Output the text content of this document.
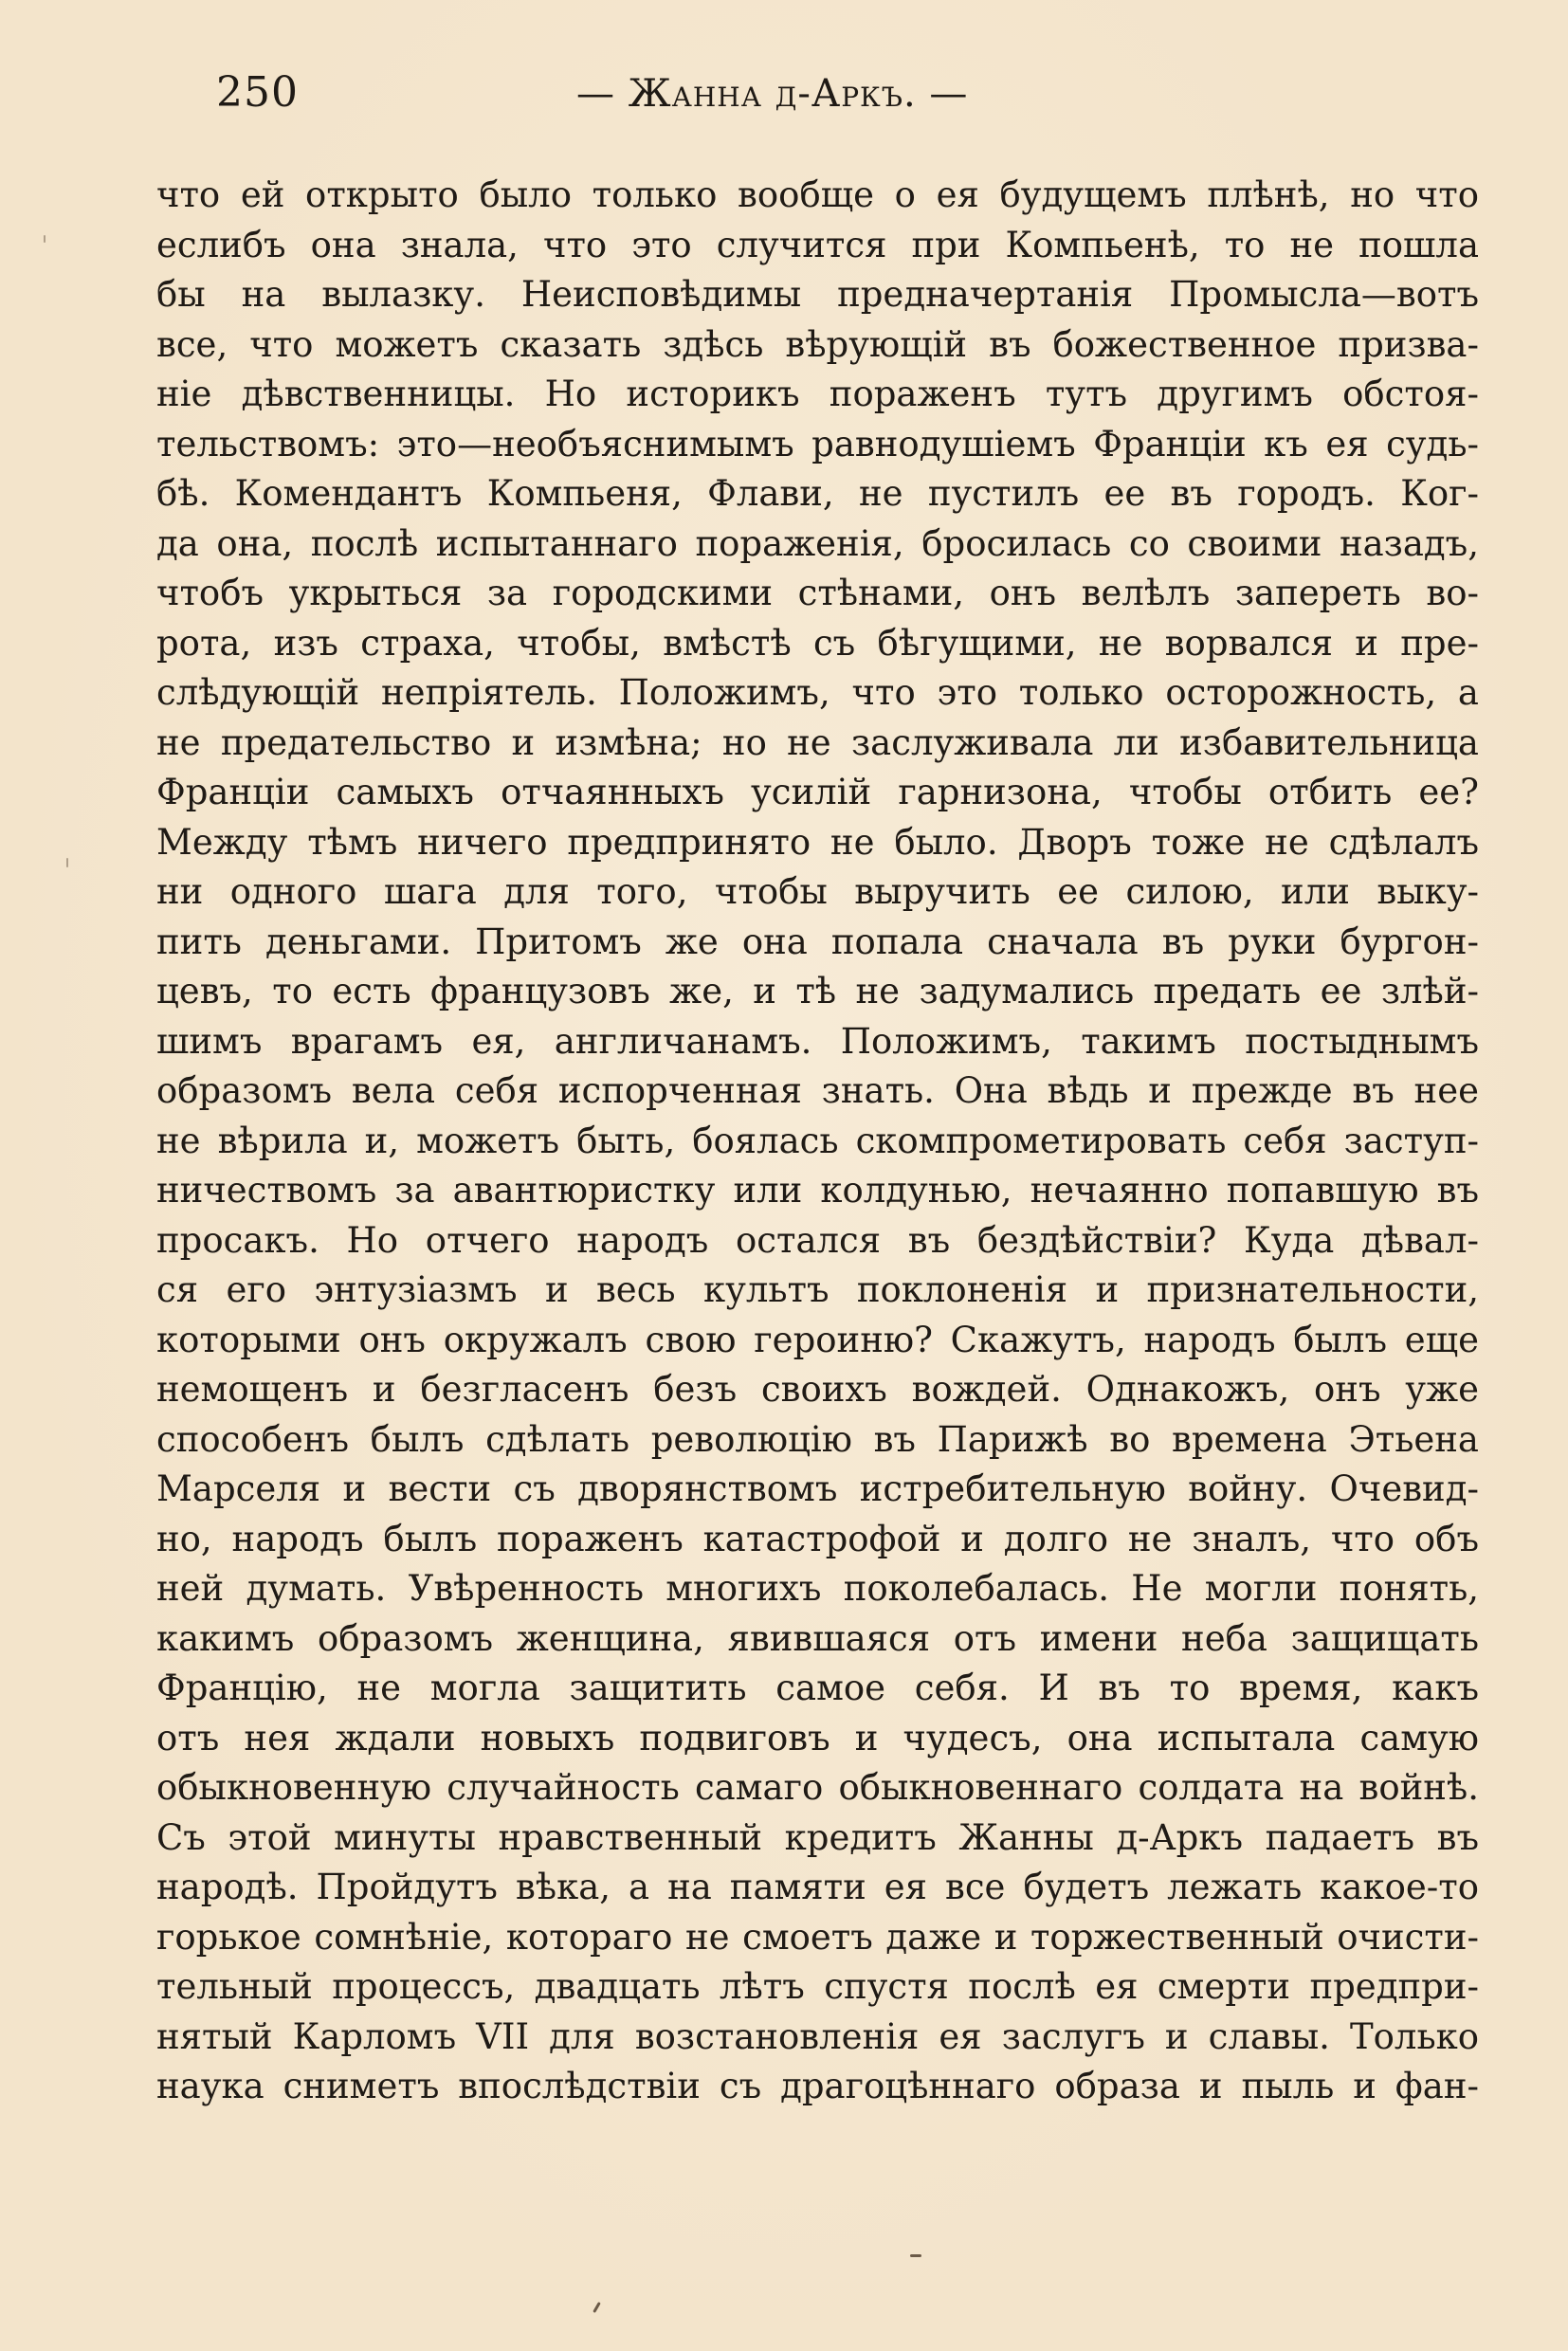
250	— Жанна д-Аркъ. —
что ей открыто было только вообще о ея будущемъ плѣнѣ, но что
еслибъ она знала, что это случится при Компьенѣ, то не пошла
бы на вылазку. Неисповѣдимы предначертанія Промысла—вотъ
все, что можетъ сказать здѣсь вѣрующій въ божественное призва-
ніе дѣвственницы. Но историкъ пораженъ тутъ другимъ обстоя-
тельствомъ: это—необъяснимымъ равнодушіемъ Франціи къ ея судь-
бѣ. Комендантъ Компьеня, Флави, не пустилъ ее въ городъ. Ког-
да она, послѣ испытаннаго пораженія, бросилась со своими назадъ,
чтобъ укрыться за городскими стѣнами, онъ велѣлъ запереть во-
рота, изъ страха, чтобы, вмѣстѣ съ бѣгущими, не ворвался и пре-
слѣдующій непріятель. Положимъ, что это только осторожность, а
не предательство и измѣна; но не заслуживала ли избавительница
Франціи самыхъ отчаянныхъ усилій гарнизона, чтобы отбить ее?
Между тѣмъ ничего предпринято не было. Дворъ тоже не сдѣлалъ
ни одного шага для того, чтобы выручить ее силою, или выку-
пить деньгами. Притомъ же она попала сначала въ руки бургон-
цевъ, то есть французовъ же, и тѣ не задумались предать ее злѣй-
шимъ врагамъ ея, англичанамъ. Положимъ, такимъ постыднымъ
образомъ вела себя испорченная знать. Она вѣдь и прежде въ нее
не вѣрила и, можетъ быть, боялась скомпрометировать себя заступ-
ничествомъ за авантюристку или колдунью, нечаянно попавшую въ
просакъ. Но отчего народъ остался въ бездѣйствіи? Куда дѣвал-
ся его энтузіазмъ и весь культъ поклоненія и признательности,
которыми онъ окружалъ свою героиню? Скажутъ, народъ былъ еще
немощенъ и безгласенъ безъ своихъ вождей. Однакожъ, онъ уже
способенъ былъ сдѣлать революцію въ Парижѣ во времена Этьена
Марселя и вести съ дворянствомъ истребительную войну. Очевид-
но, народъ былъ пораженъ катастрофой и долго не зналъ, что объ
ней думать. Увѣренность многихъ поколебалась. Не могли понять,
какимъ образомъ женщина, явившаяся отъ имени неба защищать
Францію, не могла защитить самое себя. И въ то время, какъ
отъ нея ждали новыхъ подвиговъ и чудесъ, она испытала самую
обыкновенную случайность самаго обыкновеннаго солдата на войнѣ.
Съ этой минуты нравственный кредитъ Жанны д-Аркъ падаетъ въ
народѣ. Пройдутъ вѣка, а на памяти ея все будетъ лежать какое-то
горькое сомнѣніе, котораго не смоетъ даже и торжественный очисти-
тельный процессъ, двадцать лѣтъ спустя послѣ ея смерти предпри-
нятый Карломъ VII для возстановленія ея заслугъ и славы. Только
наука сниметъ впослѣдствіи съ драгоцѣннаго образа и пыль и фан-
